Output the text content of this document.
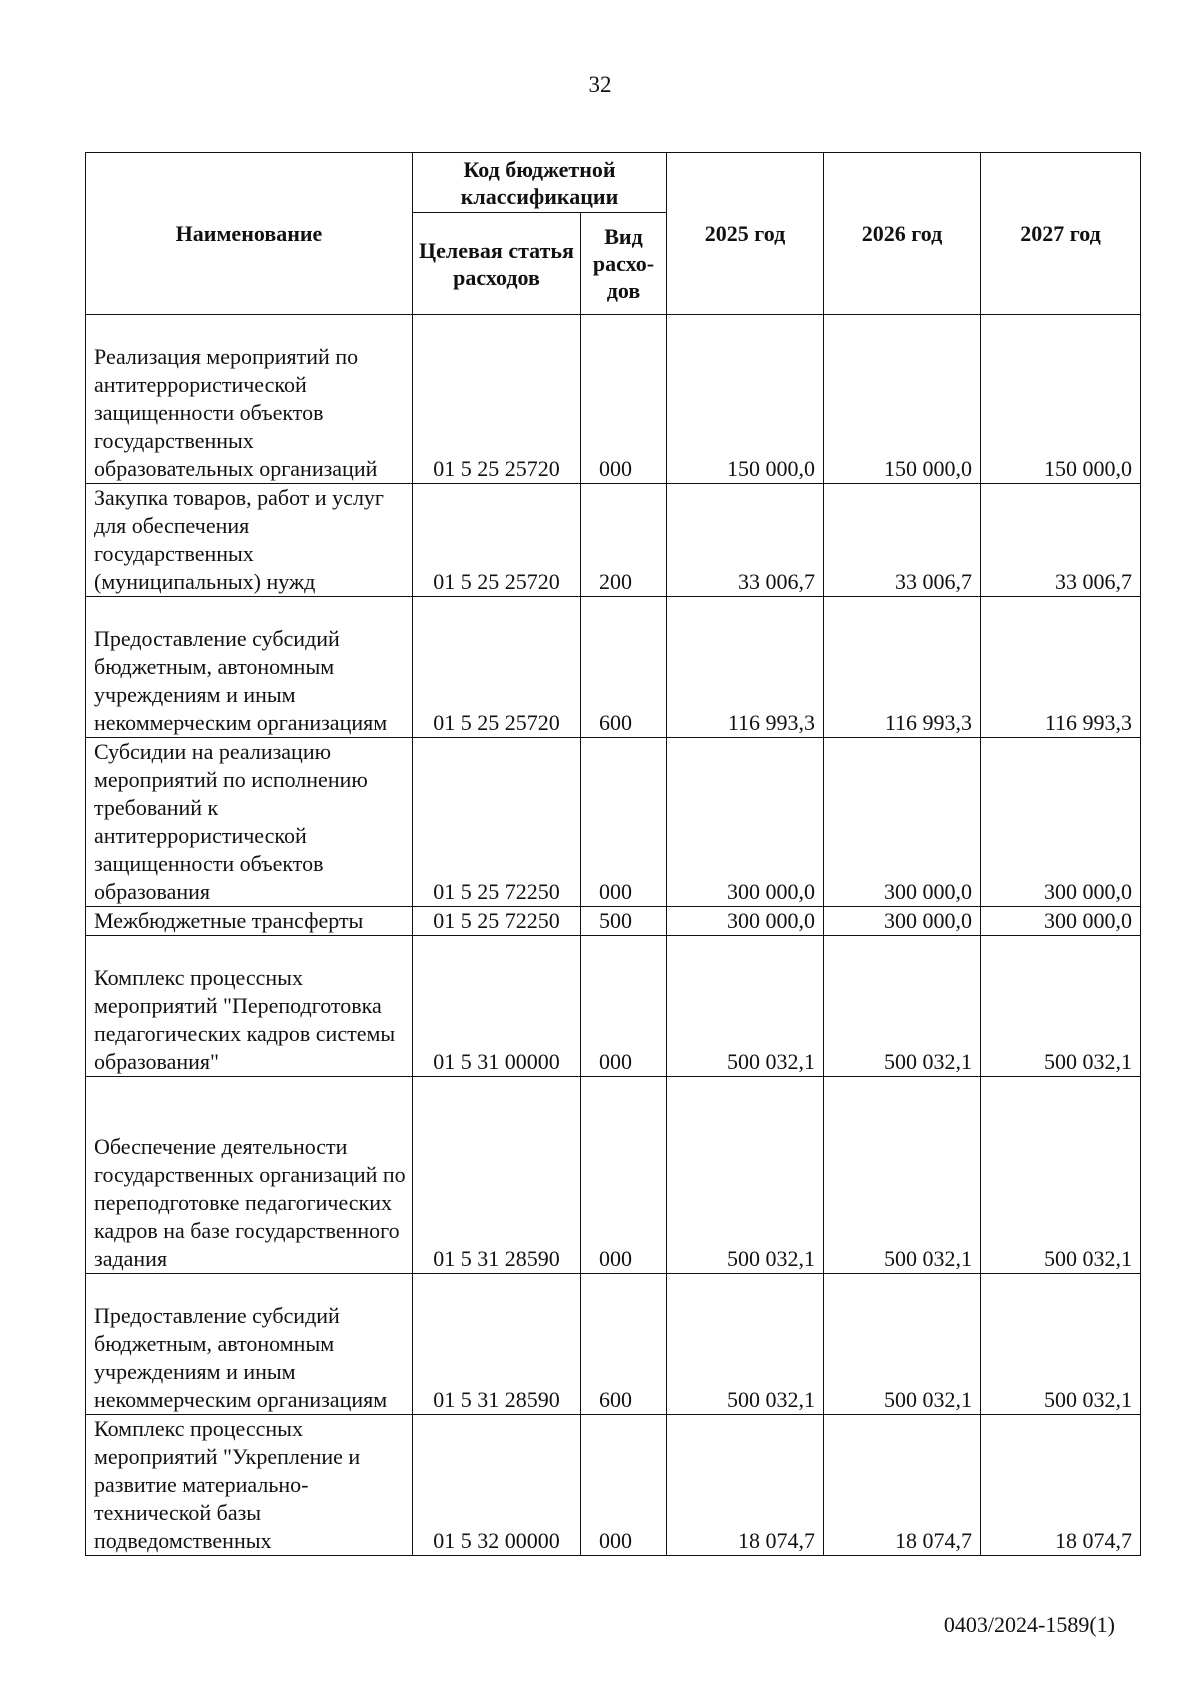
32
Наименование	Код бюджетной классификации		2025 год	2026 год	2027 год
	Целевая статья расходов	Вид расхо-дов			
Реализация мероприятий по антитеррористической защищенности объектов государственных образовательных организаций	01 5 25 25720	000	150 000,0	150 000,0	150 000,0
Закупка товаров, работ и услуг для обеспечения государственных (муниципальных) нужд	01 5 25 25720	200	33 006,7	33 006,7	33 006,7
Предоставление субсидий бюджетным, автономным учреждениям и иным некоммерческим организациям	01 5 25 25720	600	116 993,3	116 993,3	116 993,3
Субсидии на реализацию мероприятий по исполнению требований к антитеррористической защищенности объектов образования	01 5 25 72250	000	300 000,0	300 000,0	300 000,0
Межбюджетные трансферты	01 5 25 72250	500	300 000,0	300 000,0	300 000,0
Комплекс процессных мероприятий "Переподготовка педагогических кадров системы образования"	01 5 31 00000	000	500 032,1	500 032,1	500 032,1
Обеспечение деятельности государственных организаций по переподготовке педагогических кадров на базе государственного задания	01 5 31 28590	000	500 032,1	500 032,1	500 032,1
Предоставление субсидий бюджетным, автономным учреждениям и иным некоммерческим организациям	01 5 31 28590	600	500 032,1	500 032,1	500 032,1
Комплекс процессных мероприятий "Укрепление и развитие материально-технической базы подведомственных	01 5 32 00000	000	18 074,7	18 074,7	18 074,7
0403/2024-1589(1)
